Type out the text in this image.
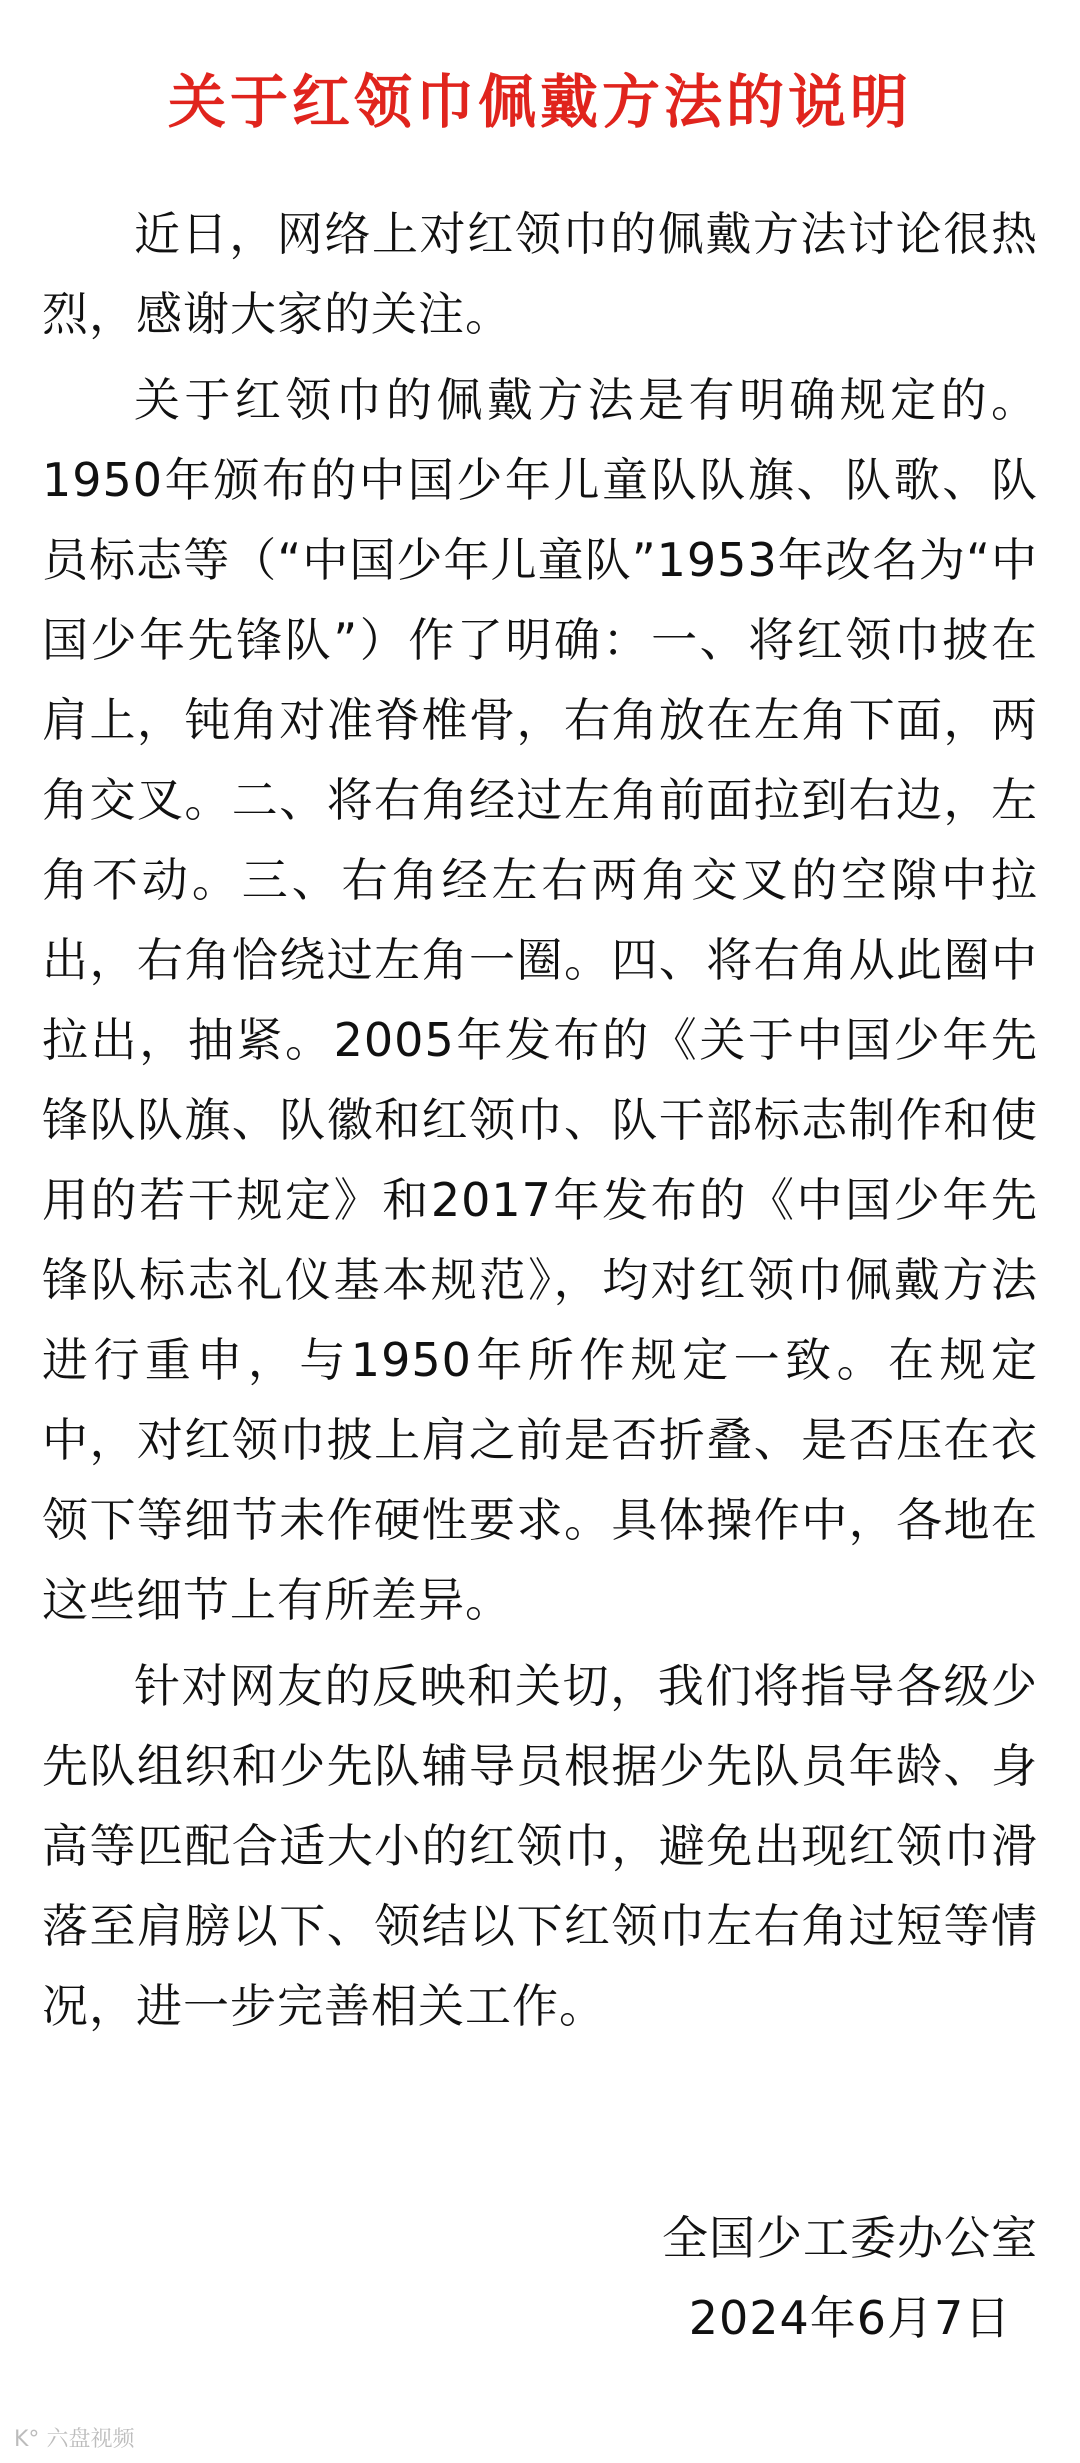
关于红领巾佩戴方法的说明

近日，网络上对红领巾的佩戴方法讨论很热烈，感谢大家的关注。

关于红领巾的佩戴方法是有明确规定的。1950年颁布的中国少年儿童队队旗、队歌、队员标志等（“中国少年儿童队”1953年改名为“中国少年先锋队”）作了明确：一、将红领巾披在肩上，钝角对准脊椎骨，右角放在左角下面，两角交叉。二、将右角经过左角前面拉到右边，左角不动。三、右角经左右两角交叉的空隙中拉出，右角恰绕过左角一圈。四、将右角从此圈中拉出，抽紧。2005年发布的《关于中国少年先锋队队旗、队徽和红领巾、队干部标志制作和使用的若干规定》和2017年发布的《中国少年先锋队标志礼仪基本规范》，均对红领巾佩戴方法进行重申，与1950年所作规定一致。在规定中，对红领巾披上肩之前是否折叠、是否压在衣领下等细节未作硬性要求。具体操作中，各地在这些细节上有所差异。

针对网友的反映和关切，我们将指导各级少先队组织和少先队辅导员根据少先队员年龄、身高等匹配合适大小的红领巾，避免出现红领巾滑落至肩膀以下、领结以下红领巾左右角过短等情况，进一步完善相关工作。

全国少工委办公室
2024年6月7日
K° 六盘视频
